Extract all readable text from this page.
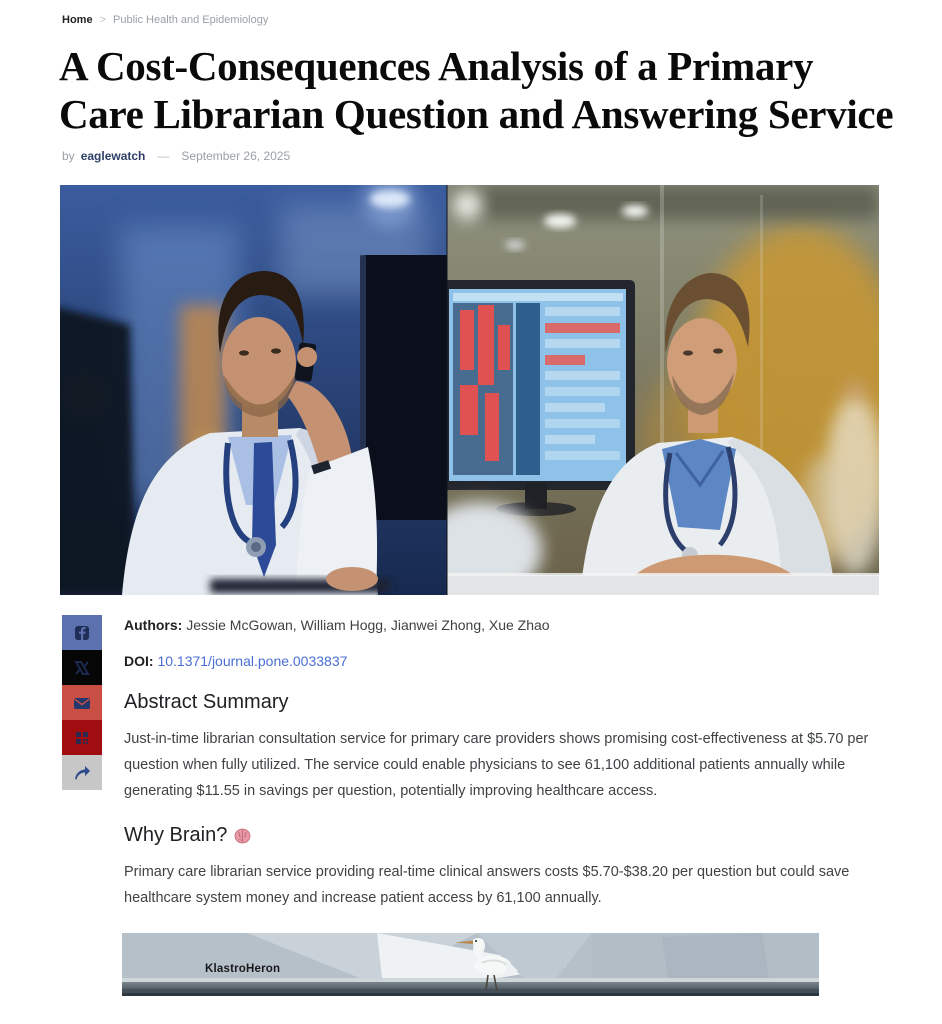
Home > Public Health and Epidemiology
A Cost-Consequences Analysis of a Primary Care Librarian Question and Answering Service
by eaglewatch — September 26, 2025

Authors: Jessie McGowan, William Hogg, Jianwei Zhong, Xue Zhao

DOI: 10.1371/journal.pone.0033837

Abstract Summary

Just-in-time librarian consultation service for primary care providers shows promising cost-effectiveness at $5.70 per question when fully utilized. The service could enable physicians to see 61,100 additional patients annually while generating $11.55 in savings per question, potentially improving healthcare access.

Why Brain?

Primary care librarian service providing real-time clinical answers costs $5.70-$38.20 per question but could save healthcare system money and increase patient access by 61,100 annually.

KlastroHeron
